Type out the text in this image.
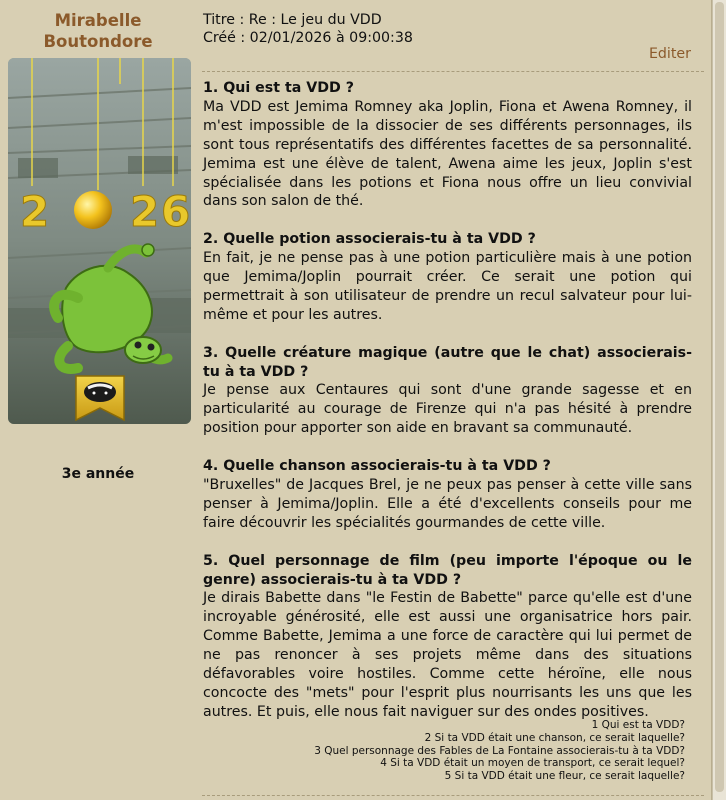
Mirabelle Boutondore
2 2 6
3e année
Titre : Re : Le jeu du VDD
Créé : 02/01/2026 à 09:00:38
Editer
1. Qui est ta VDD ?

Ma VDD est Jemima Romney aka Joplin, Fiona et Awena Romney, il m'est impossible de la dissocier de ses différents personnages, ils sont tous représentatifs des différentes facettes de sa personnalité. Jemima est une élève de talent, Awena aime les jeux, Joplin s'est spécialisée dans les potions et Fiona nous offre un lieu convivial dans son salon de thé.

2. Quelle potion associerais-tu à ta VDD ?

En fait, je ne pense pas à une potion particulière mais à une potion que Jemima/Joplin pourrait créer. Ce serait une potion qui permettrait à son utilisateur de prendre un recul salvateur pour lui-même et pour les autres.

3. Quelle créature magique (autre que le chat) associerais-tu à ta VDD ?

Je pense aux Centaures qui sont d'une grande sagesse et en particularité au courage de Firenze qui n'a pas hésité à prendre position pour apporter son aide en bravant sa communauté.

4. Quelle chanson associerais-tu à ta VDD ?

"Bruxelles" de Jacques Brel, je ne peux pas penser à cette ville sans penser à Jemima/Joplin. Elle a été d'excellents conseils pour me faire découvrir les spécialités gourmandes de cette ville.

5. Quel personnage de film (peu importe l'époque ou le genre) associerais-tu à ta VDD ?

Je dirais Babette dans "le Festin de Babette" parce qu'elle est d'une incroyable générosité, elle est aussi une organisatrice hors pair. Comme Babette, Jemima a une force de caractère qui lui permet de ne pas renoncer à ses projets même dans des situations défavorables voire hostiles. Comme cette héroïne, elle nous concocte des "mets" pour l'esprit plus nourrisants les uns que les autres. Et puis, elle nous fait naviguer sur des ondes positives.

1 Qui est ta VDD?
2 Si ta VDD était une chanson, ce serait laquelle?
3 Quel personnage des Fables de La Fontaine associerais-tu à ta VDD?
4 Si ta VDD était un moyen de transport, ce serait lequel?
5 Si ta VDD était une fleur, ce serait laquelle?
